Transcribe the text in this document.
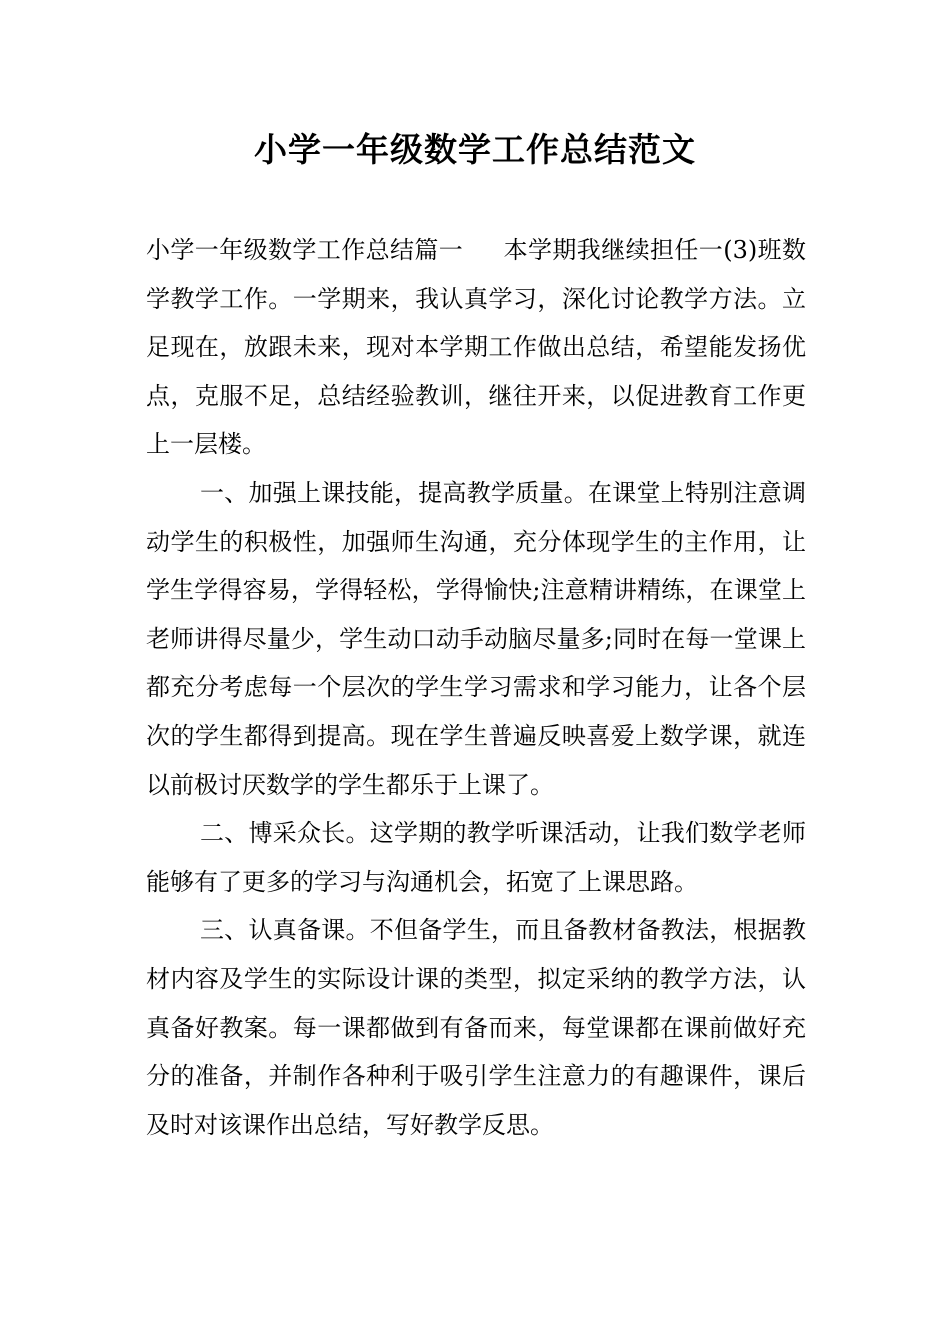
小学一年级数学工作总结范文

小学一年级数学工作总结篇一 本学期我继续担任一(3)班数学教学工作。一学期来，我认真学习，深化讨论教学方法。立足现在，放跟未来，现对本学期工作做出总结，希望能发扬优点，克服不足，总结经验教训，继往开来，以促进教育工作更上一层楼。

一、加强上课技能，提高教学质量。在课堂上特别注意调动学生的积极性，加强师生沟通，充分体现学生的主作用，让学生学得容易，学得轻松，学得愉快;注意精讲精练，在课堂上老师讲得尽量少，学生动口动手动脑尽量多;同时在每一堂课上都充分考虑每一个层次的学生学习需求和学习能力，让各个层次的学生都得到提高。现在学生普遍反映喜爱上数学课，就连以前极讨厌数学的学生都乐于上课了。

二、博采众长。这学期的教学听课活动，让我们数学老师能够有了更多的学习与沟通机会，拓宽了上课思路。

三、认真备课。不但备学生，而且备教材备教法，根据教材内容及学生的实际设计课的类型，拟定采纳的教学方法，认真备好教案。每一课都做到有备而来，每堂课都在课前做好充分的准备，并制作各种利于吸引学生注意力的有趣课件，课后及时对该课作出总结，写好教学反思。
